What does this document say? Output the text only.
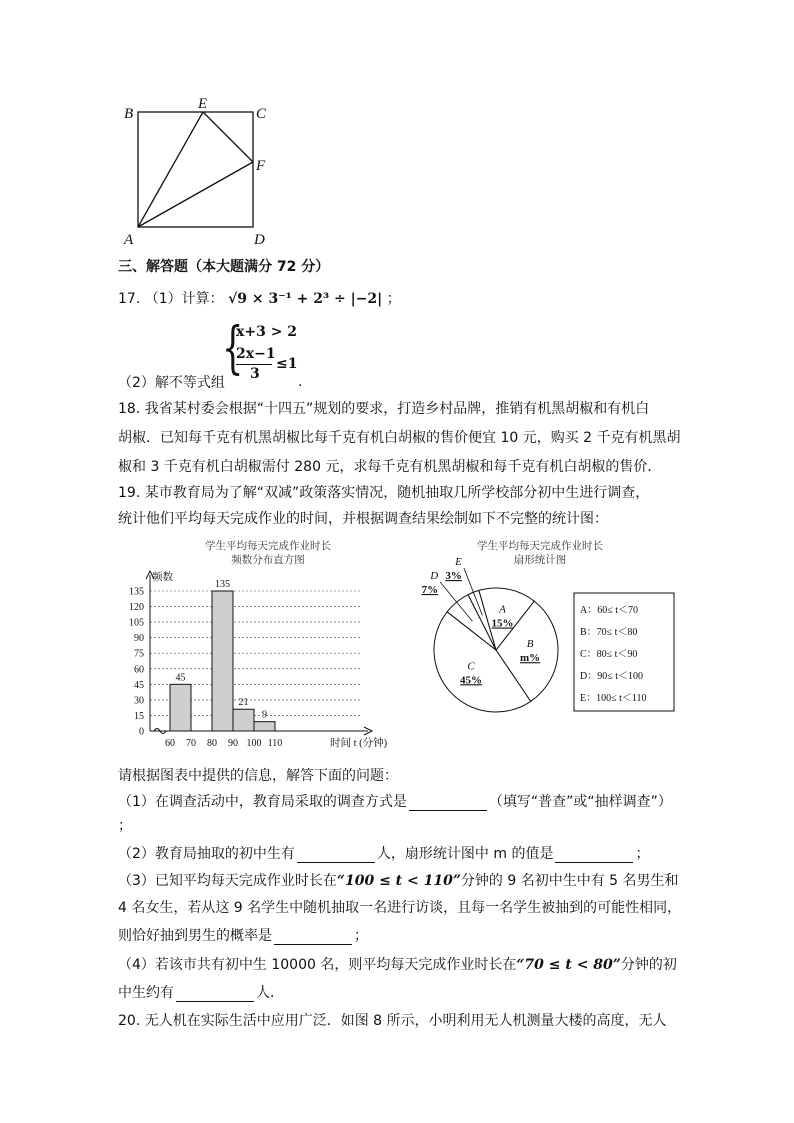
B
E
C
F
A	D
三、解答题（本大题满分 72 分）
17. （1）计算： √9 × 3⁻¹ + 2³ ÷ |−2| ；
（2）解不等式组
{
x+3 > 2
2x−1
3
≤1
.
18. 我省某村委会根据“十四五”规划的要求，打造乡村品牌，推销有机黑胡椒和有机白
胡椒．已知每千克有机黑胡椒比每千克有机白胡椒的售价便宜 10 元，购买 2 千克有机黑胡
椒和 3 千克有机白胡椒需付 280 元，求每千克有机黑胡椒和每千克有机白胡椒的售价．
19. 某市教育局为了解“双减”政策落实情况，随机抽取几所学校部分初中生进行调查，
统计他们平均每天完成作业的时间，并根据调查结果绘制如下不完整的统计图：
学生平均每天完成作业时长
频数分布直方图
频数
0
15
30
45
60
75
90
105
120
135
45
135
21
9
60 70 80 90 100 110	时间 t (分钟)
学生平均每天完成作业时长
扇形统计图
B
m%
C
45%
D
7%
E
3%
A
15%
A：60≤ t＜70
B：70≤ t＜80
C：80≤ t＜90
D：90≤ t＜100
E：100≤ t＜110
请根据图表中提供的信息，解答下面的问题：
（1）在调查活动中，教育局采取的调查方式是	（填写“普查”或“抽样调查”）
；
（2）教育局抽取的初中生有	人，扇形统计图中 m 的值是	；
（3）已知平均每天完成作业时长在“100 ≤ t < 110”分钟的 9 名初中生中有 5 名男生和
4 名女生，若从这 9 名学生中随机抽取一名进行访谈，且每一名学生被抽到的可能性相同，
则恰好抽到男生的概率是	；
（4）若该市共有初中生 10000 名，则平均每天完成作业时长在“70 ≤ t < 80”分钟的初
中生约有	人．
20. 无人机在实际生活中应用广泛．如图 8 所示，小明利用无人机测量大楼的高度，无人
